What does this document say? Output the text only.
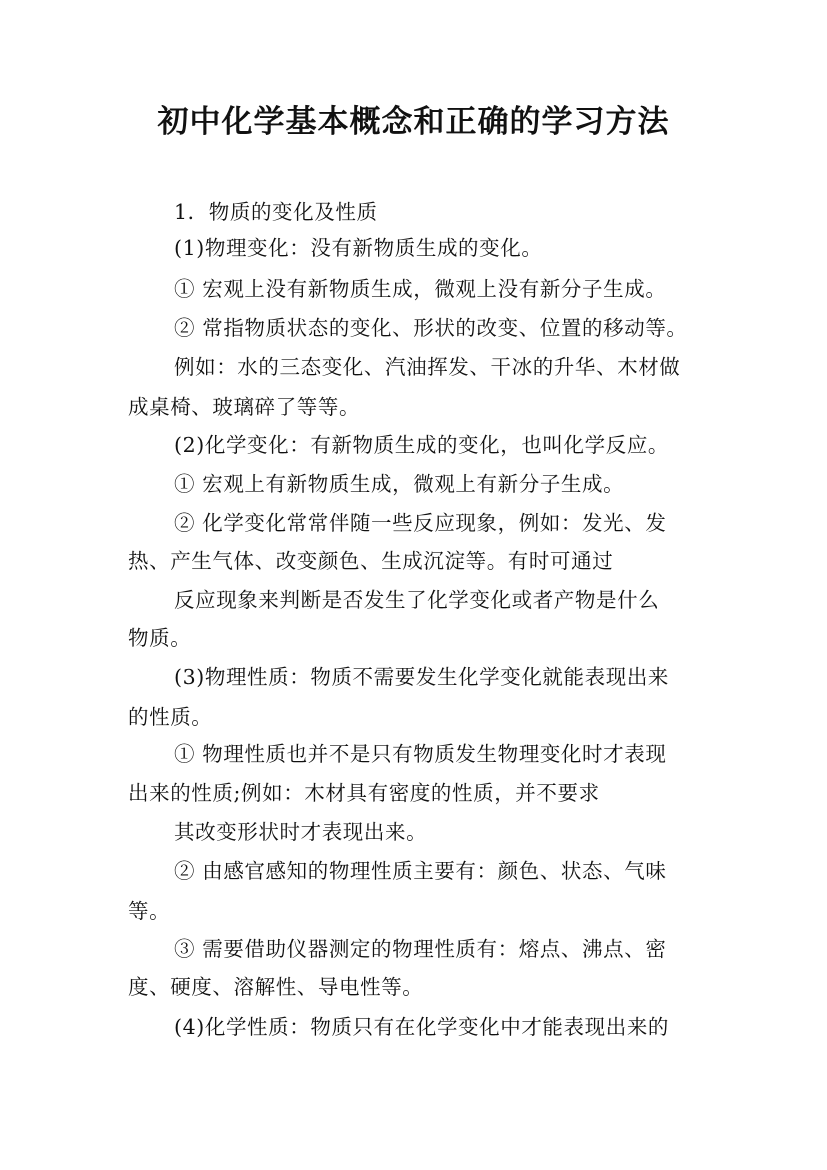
初中化学基本概念和正确的学习方法
1．物质的变化及性质
(1)物理变化：没有新物质生成的变化。
① 宏观上没有新物质生成，微观上没有新分子生成。
② 常指物质状态的变化、形状的改变、位置的移动等。
例如：水的三态变化、汽油挥发、干冰的升华、木材做
成桌椅、玻璃碎了等等。
(2)化学变化：有新物质生成的变化，也叫化学反应。
① 宏观上有新物质生成，微观上有新分子生成。
② 化学变化常常伴随一些反应现象，例如：发光、发
热、产生气体、改变颜色、生成沉淀等。有时可通过
反应现象来判断是否发生了化学变化或者产物是什么
物质。
(3)物理性质：物质不需要发生化学变化就能表现出来
的性质。
① 物理性质也并不是只有物质发生物理变化时才表现
出来的性质;例如：木材具有密度的性质，并不要求
其改变形状时才表现出来。
② 由感官感知的物理性质主要有：颜色、状态、气味
等。
③ 需要借助仪器测定的物理性质有：熔点、沸点、密
度、硬度、溶解性、导电性等。
(4)化学性质：物质只有在化学变化中才能表现出来的
